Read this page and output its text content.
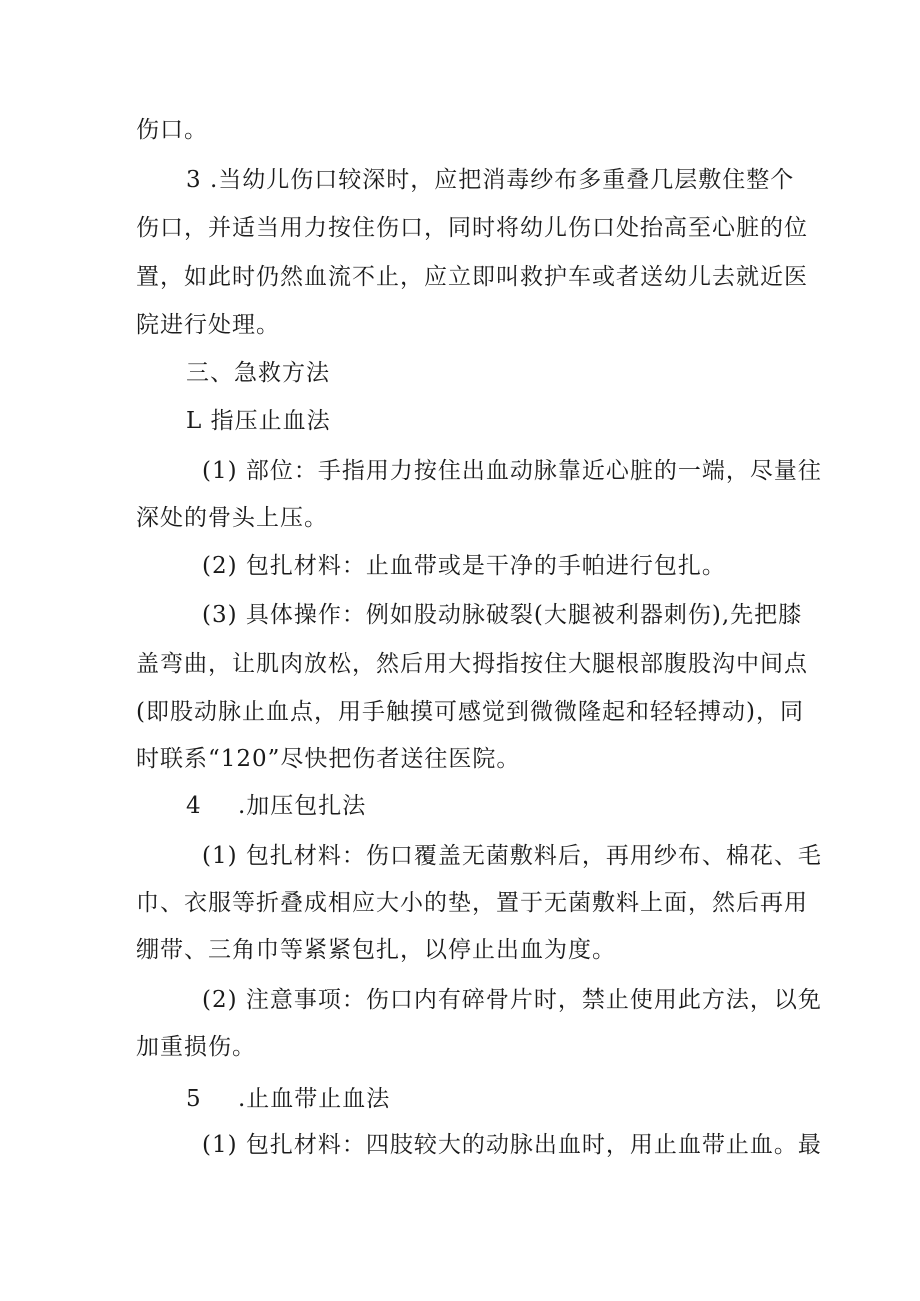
伤口。
3 .当幼儿伤口较深时，应把消毒纱布多重叠几层敷住整个
伤口，并适当用力按住伤口，同时将幼儿伤口处抬高至心脏的位
置，如此时仍然血流不止，应立即叫救护车或者送幼儿去就近医
院进行处理。
三、急救方法
L 指压止血法
(1) 部位：手指用力按住出血动脉靠近心脏的一端，尽量往
深处的骨头上压。
(2) 包扎材料：止血带或是干净的手帕进行包扎。
(3) 具体操作：例如股动脉破裂(大腿被利器刺伤),先把膝
盖弯曲，让肌肉放松，然后用大拇指按住大腿根部腹股沟中间点
(即股动脉止血点，用手触摸可感觉到微微隆起和轻轻搏动)，同
时联系“120”尽快把伤者送往医院。
4 .加压包扎法
(1) 包扎材料：伤口覆盖无菌敷料后，再用纱布、棉花、毛
巾、衣服等折叠成相应大小的垫，置于无菌敷料上面，然后再用
绷带、三角巾等紧紧包扎，以停止出血为度。
(2) 注意事项：伤口内有碎骨片时，禁止使用此方法，以免
加重损伤。
5 .止血带止血法
(1) 包扎材料：四肢较大的动脉出血时，用止血带止血。最
